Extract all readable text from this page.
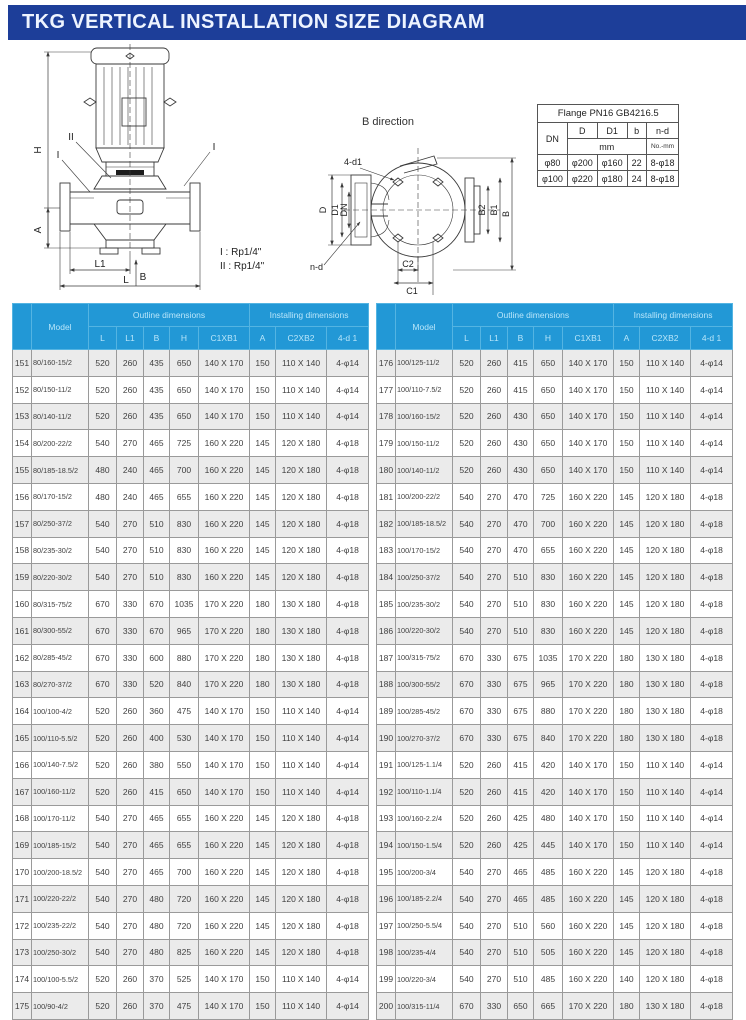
TKG VERTICAL INSTALLATION SIZE DIAGRAM
H
A
II
I
I
L1
B
L
B direction
D D1 DN	B2 B1 B
C2
C1
4-d1
n-d
I : Rp1/4"
II : Rp1/4"
Flange PN16 GB4216.5				
DN	D	D1	b	n-d
	mm			No.-mm
φ80	φ200	φ160	22	8-φ18
φ100	φ220	φ180	24	8-φ18
	Model	Outline dimensions					Installing dimensions		
		L	L1	B	H	C1XB1	A	C2XB2	4-d 1
151	80/160-15/2	520	260	435	650	140 X 170	150	110 X 140	4-φ14
152	80/150-11/2	520	260	435	650	140 X 170	150	110 X 140	4-φ14
153	80/140-11/2	520	260	435	650	140 X 170	150	110 X 140	4-φ14
154	80/200-22/2	540	270	465	725	160 X 220	145	120 X 180	4-φ18
155	80/185-18.5/2	480	240	465	700	160 X 220	145	120 X 180	4-φ18
156	80/170-15/2	480	240	465	655	160 X 220	145	120 X 180	4-φ18
157	80/250-37/2	540	270	510	830	160 X 220	145	120 X 180	4-φ18
158	80/235-30/2	540	270	510	830	160 X 220	145	120 X 180	4-φ18
159	80/220-30/2	540	270	510	830	160 X 220	145	120 X 180	4-φ18
160	80/315-75/2	670	330	670	1035	170 X 220	180	130 X 180	4-φ18
161	80/300-55/2	670	330	670	965	170 X 220	180	130 X 180	4-φ18
162	80/285-45/2	670	330	600	880	170 X 220	180	130 X 180	4-φ18
163	80/270-37/2	670	330	520	840	170 X 220	180	130 X 180	4-φ18
164	100/100-4/2	520	260	360	475	140 X 170	150	110 X 140	4-φ14
165	100/110-5.5/2	520	260	400	530	140 X 170	150	110 X 140	4-φ14
166	100/140-7.5/2	520	260	380	550	140 X 170	150	110 X 140	4-φ14
167	100/160-11/2	520	260	415	650	140 X 170	150	110 X 140	4-φ14
168	100/170-11/2	540	270	465	655	160 X 220	145	120 X 180	4-φ18
169	100/185-15/2	540	270	465	655	160 X 220	145	120 X 180	4-φ18
170	100/200-18.5/2	540	270	465	700	160 X 220	145	120 X 180	4-φ18
171	100/220-22/2	540	270	480	720	160 X 220	145	120 X 180	4-φ18
172	100/235-22/2	540	270	480	720	160 X 220	145	120 X 180	4-φ18
173	100/250-30/2	540	270	480	825	160 X 220	145	120 X 180	4-φ18
174	100/100-5.5/2	520	260	370	525	140 X 170	150	110 X 140	4-φ14
175	100/90-4/2	520	260	370	475	140 X 170	150	110 X 140	4-φ14
	Model	Outline dimensions					Installing dimensions		
		L	L1	B	H	C1XB1	A	C2XB2	4-d 1
176	100/125-11/2	520	260	415	650	140 X 170	150	110 X 140	4-φ14
177	100/110-7.5/2	520	260	415	650	140 X 170	150	110 X 140	4-φ14
178	100/160-15/2	520	260	430	650	140 X 170	150	110 X 140	4-φ14
179	100/150-11/2	520	260	430	650	140 X 170	150	110 X 140	4-φ14
180	100/140-11/2	520	260	430	650	140 X 170	150	110 X 140	4-φ14
181	100/200-22/2	540	270	470	725	160 X 220	145	120 X 180	4-φ18
182	100/185-18.5/2	540	270	470	700	160 X 220	145	120 X 180	4-φ18
183	100/170-15/2	540	270	470	655	160 X 220	145	120 X 180	4-φ18
184	100/250-37/2	540	270	510	830	160 X 220	145	120 X 180	4-φ18
185	100/235-30/2	540	270	510	830	160 X 220	145	120 X 180	4-φ18
186	100/220-30/2	540	270	510	830	160 X 220	145	120 X 180	4-φ18
187	100/315-75/2	670	330	675	1035	170 X 220	180	130 X 180	4-φ18
188	100/300-55/2	670	330	675	965	170 X 220	180	130 X 180	4-φ18
189	100/285-45/2	670	330	675	880	170 X 220	180	130 X 180	4-φ18
190	100/270-37/2	670	330	675	840	170 X 220	180	130 X 180	4-φ18
191	100/125-1.1/4	520	260	415	420	140 X 170	150	110 X 140	4-φ14
192	100/110-1.1/4	520	260	415	420	140 X 170	150	110 X 140	4-φ14
193	100/160-2.2/4	520	260	425	480	140 X 170	150	110 X 140	4-φ14
194	100/150-1.5/4	520	260	425	445	140 X 170	150	110 X 140	4-φ14
195	100/200-3/4	540	270	465	485	160 X 220	145	120 X 180	4-φ18
196	100/185-2.2/4	540	270	465	485	160 X 220	145	120 X 180	4-φ18
197	100/250-5.5/4	540	270	510	560	160 X 220	145	120 X 180	4-φ18
198	100/235-4/4	540	270	510	505	160 X 220	145	120 X 180	4-φ18
199	100/220-3/4	540	270	510	485	160 X 220	140	120 X 180	4-φ18
200	100/315-11/4	670	330	650	665	170 X 220	180	130 X 180	4-φ18
